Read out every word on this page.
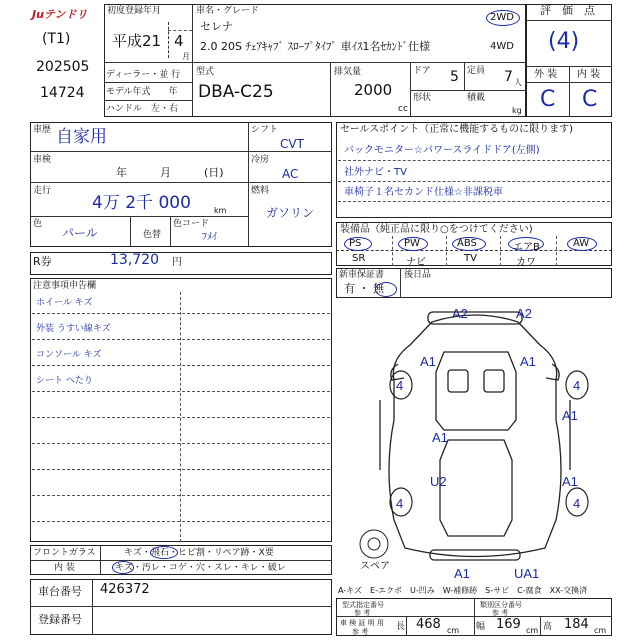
Juテンドリ
(T1)
202505
14724
初度登録年月
平成21 4
月
ディーラー・並 行
モデル年式　　年
ハンドル　左・右
車名・グレード
セレナ
2.0 20S ﾁｪｱｷｬﾌﾞ ｽﾛｰﾌﾟﾀｲﾌﾟ 車ｲｽ1名ｾｶﾝﾄﾞ仕様
2WD
4WD
型式
DBA-C25
排気量
2000
cc
ドア 5 定員 7 人
形状	積載
kg
評　価　点
(4)
外 装 内 装
C C
車歴 自家用
車検
年　　　月　　　(日)
走行
4万 2千 000	km
色
パール	色替
色コード
ﾌﾒｲ
シフト
CVT
冷房
AC
燃料
ガソリン
R券	13,720 円
セールスポイント（正常に機能するものに限ります)
バックモニター☆パワースライドドア(左側)
社外ナビ・TV
車椅子１名セカンド仕様☆非課税車
装備品（純正品に限り○をつけてください)
PS	PW	ABS	エアB	AW
SR	ナビ	TV	カワ
新車保証書
有 ・ 無
後日品
注意事項申告欄
ホイール キズ
外装 うすい線キズ
コンソール キズ
シート へたり
フロントガラス	キズ・飛石・ヒビ割・リペア跡・X要
内 装	キズ・汚レ・コゲ・穴・スレ・キレ・破レ
車台番号 426372
登録番号
スペア
A2	A2
A1	A1
4	4
A1
A1
U2	A1
4	4
A1	UA1
A-キズ　E-エクボ　U-凹み　W-補修跡　S-サビ　C-腐食　XX-交換済
型式指定番号
参 考
類別区分番号
参 考
車 検 証 明 用
参 考	長 468 cm 幅 169 cm 高 184 cm
